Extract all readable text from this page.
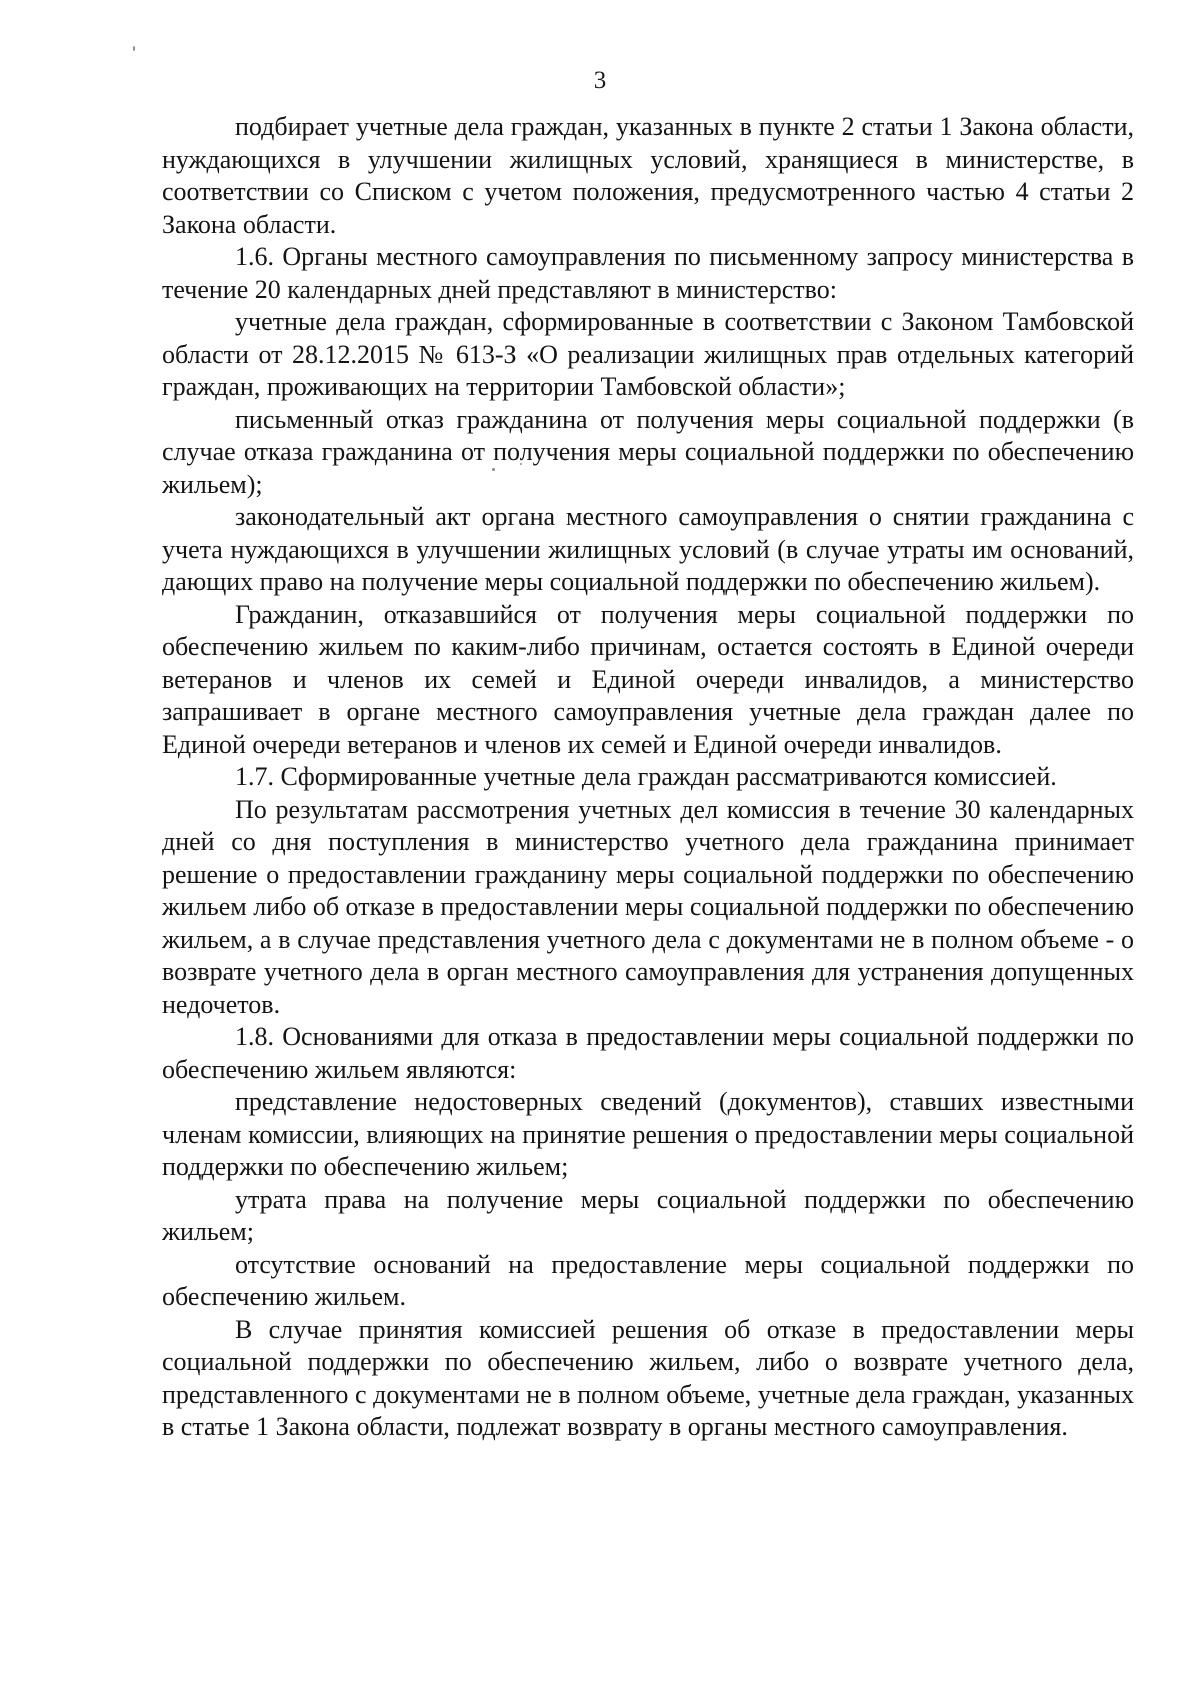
3

подбирает учетные дела граждан, указанных в пункте 2 статьи 1 Закона области, нуждающихся в улучшении жилищных условий, хранящиеся в министерстве, в соответствии со Списком с учетом положения, предусмотренного частью 4 статьи 2 Закона области.

1.6. Органы местного самоуправления по письменному запросу министерства в течение 20 календарных дней представляют в министерство:

учетные дела граждан, сформированные в соответствии с Законом Тамбовской области от 28.12.2015 № 613-З «О реализации жилищных прав отдельных категорий граждан, проживающих на территории Тамбовской области»;

письменный отказ гражданина от получения меры социальной поддержки (в случае отказа гражданина от получения меры социальной поддержки по обеспечению жильем);

законодательный акт органа местного самоуправления о снятии гражданина с учета нуждающихся в улучшении жилищных условий (в случае утраты им оснований, дающих право на получение меры социальной поддержки по обеспечению жильем).

Гражданин, отказавшийся от получения меры социальной поддержки по обеспечению жильем по каким-либо причинам, остается состоять в Единой очереди ветеранов и членов их семей и Единой очереди инвалидов, а министерство запрашивает в органе местного самоуправления учетные дела граждан далее по Единой очереди ветеранов и членов их семей и Единой очереди инвалидов.

1.7. Сформированные учетные дела граждан рассматриваются комиссией.

По результатам рассмотрения учетных дел комиссия в течение 30 календарных дней со дня поступления в министерство учетного дела гражданина принимает решение о предоставлении гражданину меры социальной поддержки по обеспечению жильем либо об отказе в предоставлении меры социальной поддержки по обеспечению жильем, а в случае представления учетного дела с документами не в полном объеме - о возврате учетного дела в орган местного самоуправления для устранения допущенных недочетов.

1.8. Основаниями для отказа в предоставлении меры социальной поддержки по обеспечению жильем являются:

представление недостоверных сведений (документов), ставших известными членам комиссии, влияющих на принятие решения о предоставлении меры социальной поддержки по обеспечению жильем;

утрата права на получение меры социальной поддержки по обеспечению жильем;

отсутствие оснований на предоставление меры социальной поддержки по обеспечению жильем.

В случае принятия комиссией решения об отказе в предоставлении меры социальной поддержки по обеспечению жильем, либо о возврате учетного дела, представленного с документами не в полном объеме, учетные дела граждан, указанных в статье 1 Закона области, подлежат возврату в органы местного самоуправления.
